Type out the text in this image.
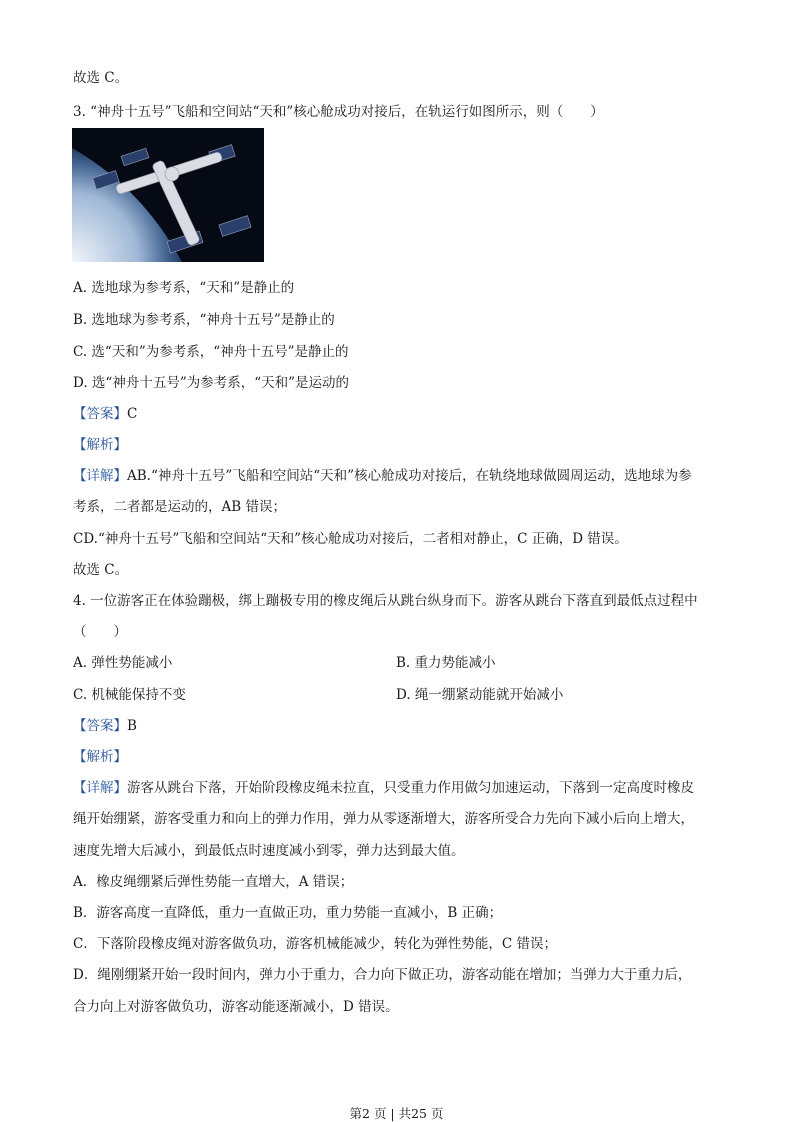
故选 C。
3. “神舟十五号”飞船和空间站“天和”核心舱成功对接后，在轨运行如图所示，则（　　）
A. 选地球为参考系，“天和”是静止的
B. 选地球为参考系，“神舟十五号”是静止的
C. 选“天和”为参考系，“神舟十五号”是静止的
D. 选“神舟十五号”为参考系，“天和”是运动的
【答案】C
【解析】
【详解】AB.“神舟十五号”飞船和空间站“天和”核心舱成功对接后，在轨绕地球做圆周运动，选地球为参
考系，二者都是运动的，AB 错误；
CD.“神舟十五号”飞船和空间站“天和”核心舱成功对接后，二者相对静止，C 正确，D 错误。
故选 C。
4. 一位游客正在体验蹦极，绑上蹦极专用的橡皮绳后从跳台纵身而下。游客从跳台下落直到最低点过程中
（　　）
A. 弹性势能减小	B. 重力势能减小
C. 机械能保持不变	D. 绳一绷紧动能就开始减小
【答案】B
【解析】
【详解】游客从跳台下落，开始阶段橡皮绳未拉直，只受重力作用做匀加速运动，下落到一定高度时橡皮
绳开始绷紧，游客受重力和向上的弹力作用，弹力从零逐渐增大，游客所受合力先向下减小后向上增大，
速度先增大后减小，到最低点时速度减小到零，弹力达到最大值。
A．橡皮绳绷紧后弹性势能一直增大，A 错误；
B．游客高度一直降低，重力一直做正功，重力势能一直减小，B 正确；
C．下落阶段橡皮绳对游客做负功，游客机械能减少，转化为弹性势能，C 错误；
D．绳刚绷紧开始一段时间内，弹力小于重力，合力向下做正功，游客动能在增加；当弹力大于重力后，
合力向上对游客做负功，游客动能逐渐减小，D 错误。
第2 页 | 共25 页
